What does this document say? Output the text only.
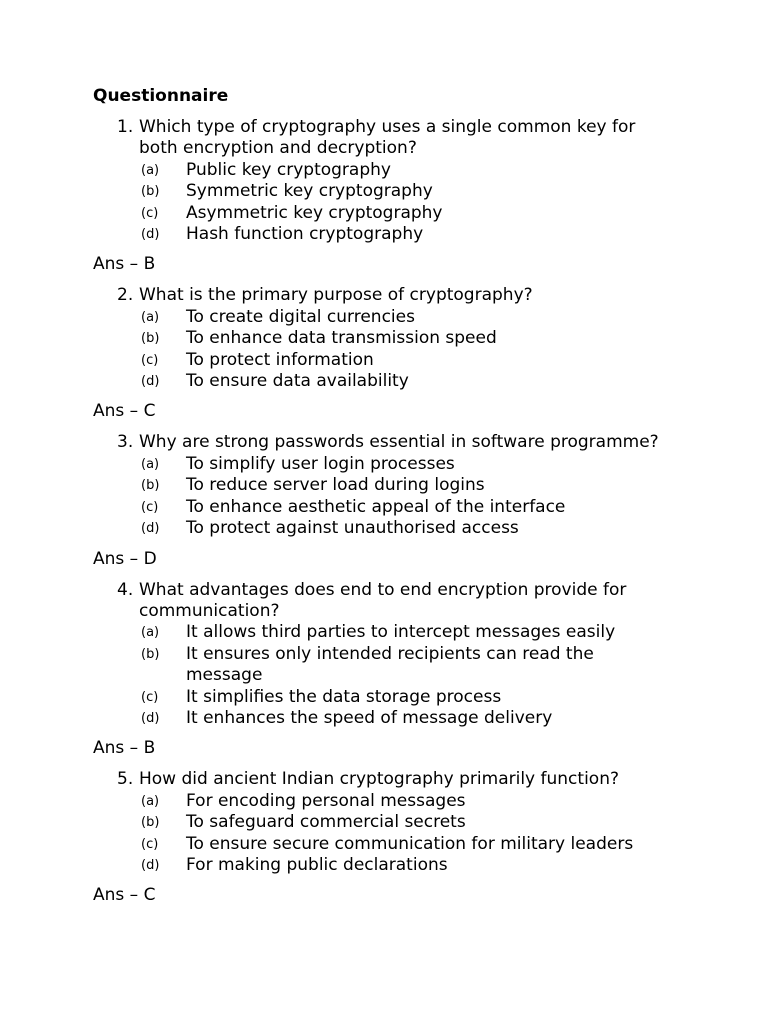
Questionnaire
1. Which type of cryptography uses a single common key for both encryption and decryption?
(a)	Public key cryptography
(b)	Symmetric key cryptography
(c)	Asymmetric key cryptography
(d)	Hash function cryptography
Ans – B
2. What is the primary purpose of cryptography?
(a)	To create digital currencies
(b)	To enhance data transmission speed
(c)	To protect information
(d)	To ensure data availability
Ans – C
3. Why are strong passwords essential in software programme?
(a)	To simplify user login processes
(b)	To reduce server load during logins
(c)	To enhance aesthetic appeal of the interface
(d)	To protect against unauthorised access
Ans – D
4. What advantages does end to end encryption provide for communication?
(a)	It allows third parties to intercept messages easily
(b)	It ensures only intended recipients can read the message
(c)	It simplifies the data storage process
(d)	It enhances the speed of message delivery
Ans – B
5. How did ancient Indian cryptography primarily function?
(a)	For encoding personal messages
(b)	To safeguard commercial secrets
(c)	To ensure secure communication for military leaders
(d)	For making public declarations
Ans – C
